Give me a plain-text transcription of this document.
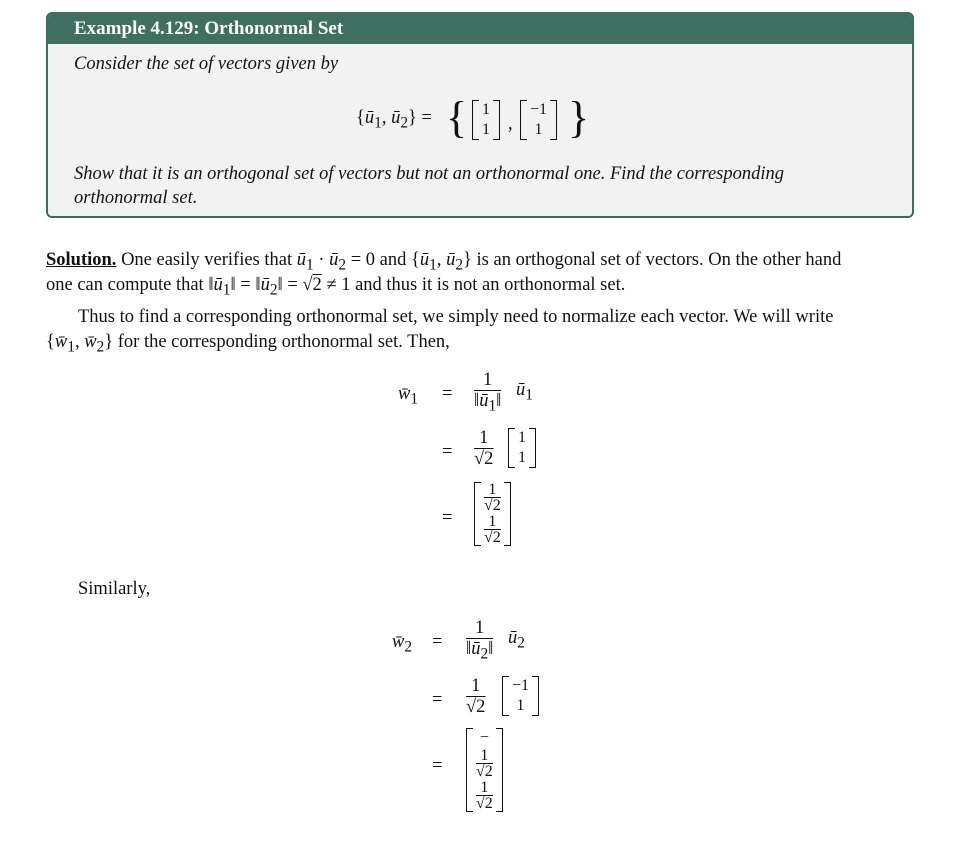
Example 4.129: Orthonormal Set
Consider the set of vectors given by
{$ū_1$, $ū_2$} = { 1
1 ,
−1
1 }
Show that it is an orthogonal set of vectors but not an orthonormal one. Find the corresponding
orthonormal set.
Solution. One easily verifies that $ū_1$ · $ū_2 = 0$ and {$ū_1$, $ū_2$} is an orthogonal set of vectors. On the other hand
one can compute that $‖ū_1‖$ = $‖ū_2‖ = √2 \ne 1$ and thus it is not an orthonormal set.
Thus to find a corresponding orthonormal set, we simply need to normalize each vector. We will write
{$w̄_1$, $w̄_2$} for the corresponding orthonormal set. Then,
$w̄_1 = \frac{1}{‖ū_1‖}$ $ū_1$
= $\frac{1}{√2} 1$
1
=
1
√2
1
√2
Similarly,
$w̄_2 = \frac{1}{‖ū_2‖}$ $ū_2$
= $\frac{1}{√2} -1$
1
=
−
1
√2
1
√2
